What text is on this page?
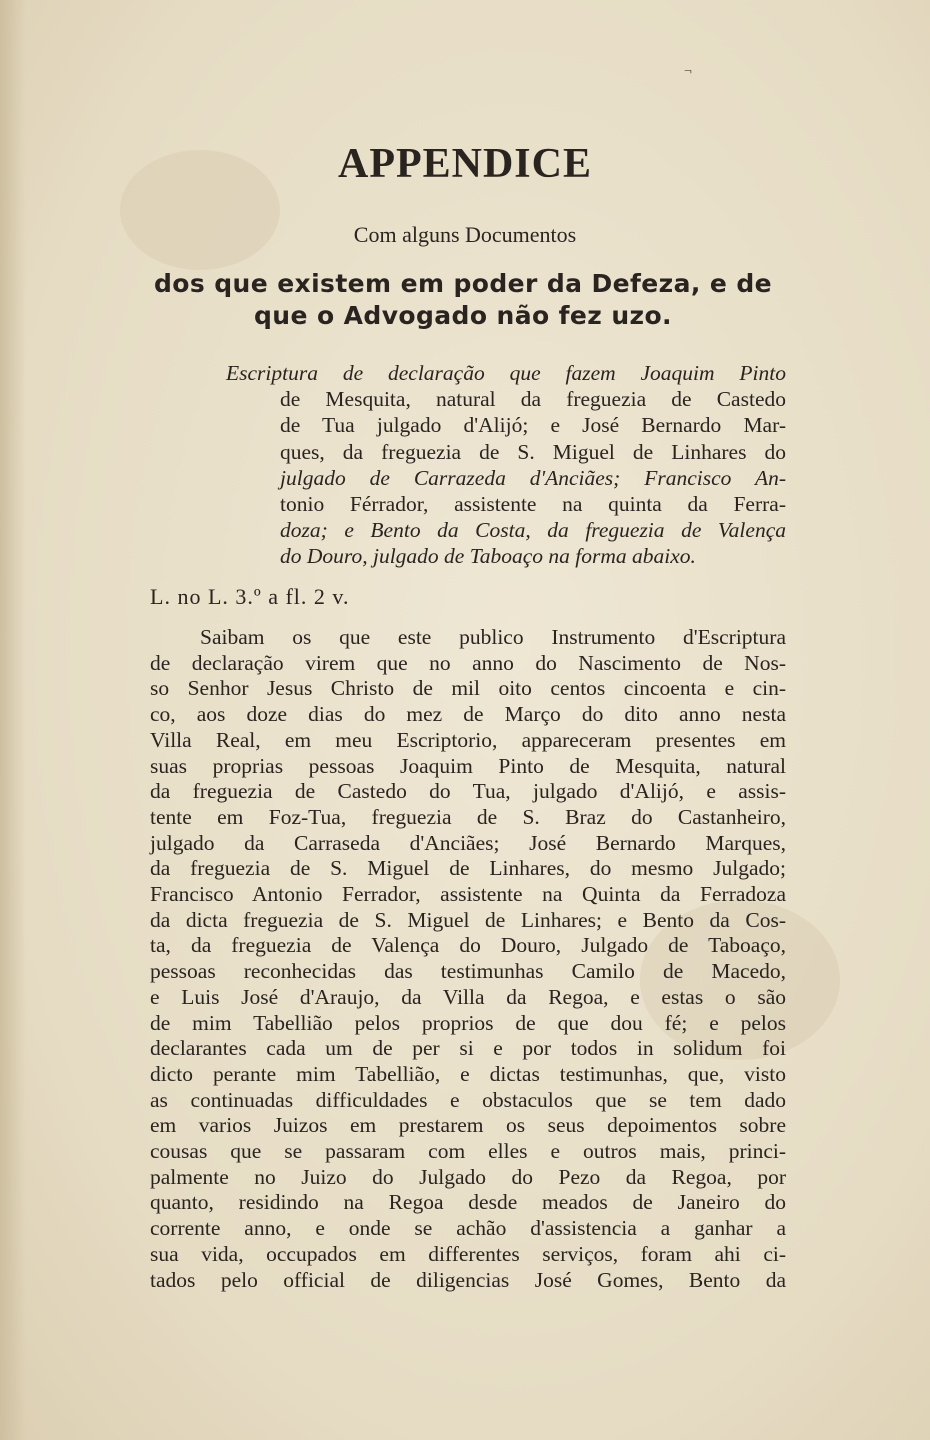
¬
APPENDICE
Com alguns Documentos
dos que existem em poder da Defeza, e de
que o Advogado não fez uzo.
Escriptura de declaração que fazem Joaquim Pinto
de Mesquita, natural da freguezia de Castedo
de Tua julgado d'Alijó; e José Bernardo Mar-
ques, da freguezia de S. Miguel de Linhares do
julgado de Carrazeda d'Anciães; Francisco An-
tonio Férrador, assistente na quinta da Ferra-
doza; e Bento da Costa, da freguezia de Valença
do Douro, julgado de Taboaço na forma abaixo.
L. no L. 3.º a fl. 2 v.
Saibam os que este publico Instrumento d'Escriptura
de declaração virem que no anno do Nascimento de Nos-
so Senhor Jesus Christo de mil oito centos cincoenta e cin-
co, aos doze dias do mez de Março do dito anno nesta
Villa Real, em meu Escriptorio, appareceram presentes em
suas proprias pessoas Joaquim Pinto de Mesquita, natural
da freguezia de Castedo do Tua, julgado d'Alijó, e assis-
tente em Foz-Tua, freguezia de S. Braz do Castanheiro,
julgado da Carraseda d'Anciães; José Bernardo Marques,
da freguezia de S. Miguel de Linhares, do mesmo Julgado;
Francisco Antonio Ferrador, assistente na Quinta da Ferradoza
da dicta freguezia de S. Miguel de Linhares; e Bento da Cos-
ta, da freguezia de Valença do Douro, Julgado de Taboaço,
pessoas reconhecidas das testimunhas Camilo de Macedo,
e Luis José d'Araujo, da Villa da Regoa, e estas o são
de mim Tabellião pelos proprios de que dou fé; e pelos
declarantes cada um de per si e por todos in solidum foi
dicto perante mim Tabellião, e dictas testimunhas, que, visto
as continuadas difficuldades e obstaculos que se tem dado
em varios Juizos em prestarem os seus depoimentos sobre
cousas que se passaram com elles e outros mais, princi-
palmente no Juizo do Julgado do Pezo da Regoa, por
quanto, residindo na Regoa desde meados de Janeiro do
corrente anno, e onde se achão d'assistencia a ganhar a
sua vida, occupados em differentes serviços, foram ahi ci-
tados pelo official de diligencias José Gomes, Bento da
